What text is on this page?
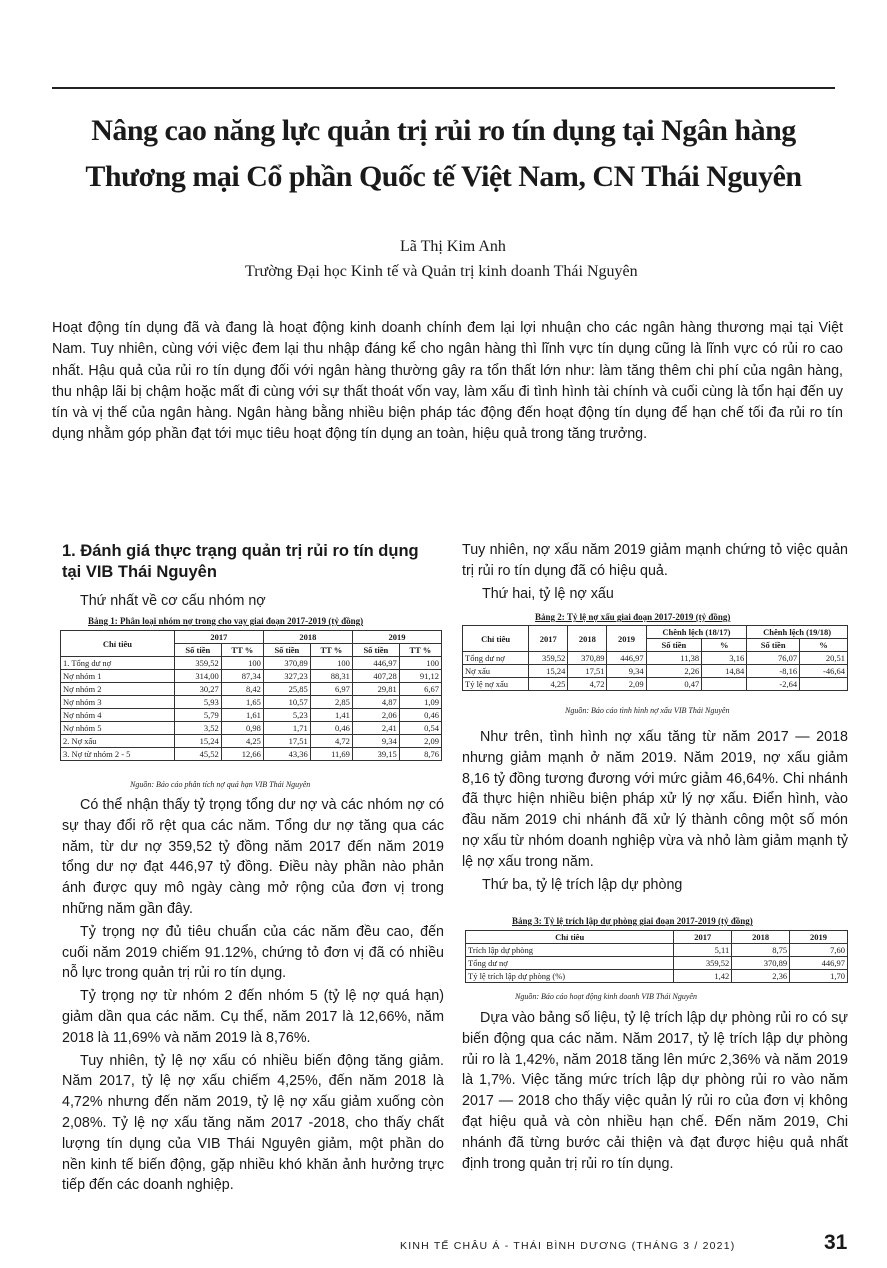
Nâng cao năng lực quản trị rủi ro tín dụng tại Ngân hàng
Thương mại Cổ phần Quốc tế Việt Nam, CN Thái Nguyên
Lã Thị Kim Anh
Trường Đại học Kinh tế và Quản trị kinh doanh Thái Nguyên
Hoạt động tín dụng đã và đang là hoạt động kinh doanh chính đem lại lợi nhuận cho các ngân hàng thương mại tại Việt Nam. Tuy nhiên, cùng với việc đem lại thu nhập đáng kể cho ngân hàng thì lĩnh vực tín dụng cũng là lĩnh vực có rủi ro cao nhất. Hậu quả của rủi ro tín dụng đối với ngân hàng thường gây ra tổn thất lớn như: làm tăng thêm chi phí của ngân hàng, thu nhập lãi bị chậm hoặc mất đi cùng với sự thất thoát vốn vay, làm xấu đi tình hình tài chính và cuối cùng là tổn hại đến uy tín và vị thế của ngân hàng. Ngân hàng bằng nhiều biện pháp tác động đến hoạt động tín dụng để hạn chế tối đa rủi ro tín dụng nhằm góp phần đạt tới mục tiêu hoạt động tín dụng an toàn, hiệu quả trong tăng trưởng.
1. Đánh giá thực trạng quản trị rủi ro tín dụng tại VIB Thái Nguyên
Thứ nhất về cơ cấu nhóm nợ
Bảng 1: Phân loại nhóm nợ trong cho vay giai đoạn 2017-2019 (tỷ đồng)
Chỉ tiêu	2017		2018		2019	
	Số tiền	TT %	Số tiền	TT %	Số tiền	TT %
1. Tổng dư nợ	359,52	100	370,89	100	446,97	100
Nợ nhóm 1	314,00	87,34	327,23	88,31	407,28	91,12
Nợ nhóm 2	30,27	8,42	25,85	6,97	29,81	6,67
Nợ nhóm 3	5,93	1,65	10,57	2,85	4,87	1,09
Nợ nhóm 4	5,79	1,61	5,23	1,41	2,06	0,46
Nợ nhóm 5	3,52	0,98	1,71	0,46	2,41	0,54
2. Nợ xấu	15,24	4,25	17,51	4,72	9,34	2,09
3. Nợ từ nhóm 2 - 5	45,52	12,66	43,36	11,69	39,15	8,76
Nguồn: Báo cáo phân tích nợ quá hạn VIB Thái Nguyên

Có thể nhận thấy tỷ trọng tổng dư nợ và các nhóm nợ có sự thay đổi rõ rệt qua các năm. Tổng dư nợ tăng qua các năm, từ dư nợ 359,52 tỷ đồng năm 2017 đến năm 2019 tổng dư nợ đạt 446,97 tỷ đồng. Điều này phần nào phản ánh được quy mô ngày càng mở rộng của đơn vị trong những năm gần đây.

Tỷ trọng nợ đủ tiêu chuẩn của các năm đều cao, đến cuối năm 2019 chiếm 91.12%, chứng tỏ đơn vị đã có nhiều nỗ lực trong quản trị rủi ro tín dụng.

Tỷ trọng nợ từ nhóm 2 đến nhóm 5 (tỷ lệ nợ quá hạn) giảm dần qua các năm. Cụ thể, năm 2017 là 12,66%, năm 2018 là 11,69% và năm 2019 là 8,76%.

Tuy nhiên, tỷ lệ nợ xấu có nhiều biến động tăng giảm. Năm 2017, tỷ lệ nợ xấu chiếm 4,25%, đến năm 2018 là 4,72% nhưng đến năm 2019, tỷ lệ nợ xấu giảm xuống còn 2,08%. Tỷ lệ nợ xấu tăng năm 2017 -2018, cho thấy chất lượng tín dụng của VIB Thái Nguyên giảm, một phần do nền kinh tế biến động, gặp nhiều khó khăn ảnh hưởng trực tiếp đến các doanh nghiệp.

Tuy nhiên, nợ xấu năm 2019 giảm mạnh chứng tỏ việc quản trị rủi ro tín dụng đã có hiệu quả.

Thứ hai, tỷ lệ nợ xấu

Bảng 2: Tỷ lệ nợ xấu giai đoạn 2017-2019 (tỷ đồng)
Chỉ tiêu	2017	2018	2019	Chênh lệch (18/17)		Chênh lệch (19/18)	
				Số tiền	%	Số tiền	%
Tổng dư nợ	359,52	370,89	446,97	11,38	3,16	76,07	20,51
Nợ xấu	15,24	17,51	9,34	2,26	14,84	-8,16	-46,64
Tỷ lệ nợ xấu	4,25	4,72	2,09	0,47		-2,64	
Nguồn: Báo cáo tình hình nợ xấu VIB Thái Nguyên

Như trên, tình hình nợ xấu tăng từ năm 2017 — 2018 nhưng giảm mạnh ở năm 2019. Năm 2019, nợ xấu giảm 8,16 tỷ đồng tương đương với mức giảm 46,64%. Chi nhánh đã thực hiện nhiều biện pháp xử lý nợ xấu. Điển hình, vào đầu năm 2019 chi nhánh đã xử lý thành công một số món nợ xấu từ nhóm doanh nghiệp vừa và nhỏ làm giảm mạnh tỷ lệ nợ xấu trong năm.

Thứ ba, tỷ lệ trích lập dự phòng

Bảng 3: Tỷ lệ trích lập dự phòng giai đoạn 2017-2019 (tỷ đồng)
Chỉ tiêu	2017	2018	2019
Trích lập dự phòng	5,11	8,75	7,60
Tổng dư nợ	359,52	370,89	446,97
Tỷ lệ trích lập dự phòng (%)	1,42	2,36	1,70
Nguồn: Báo cáo hoạt động kinh doanh VIB Thái Nguyên

Dựa vào bảng số liệu, tỷ lệ trích lập dự phòng rủi ro có sự biến động qua các năm. Năm 2017, tỷ lệ trích lập dự phòng rủi ro là 1,42%, năm 2018 tăng lên mức 2,36% và năm 2019 là 1,7%. Việc tăng mức trích lập dự phòng rủi ro vào năm 2017 — 2018 cho thấy việc quản lý rủi ro của đơn vị không đạt hiệu quả và còn nhiều hạn chế. Đến năm 2019, Chi nhánh đã từng bước cải thiện và đạt được hiệu quả nhất định trong quản trị rủi ro tín dụng.

KINH TẾ CHÂU Á - THÁI BÌNH DƯƠNG (THÁNG 3 / 2021)	31
